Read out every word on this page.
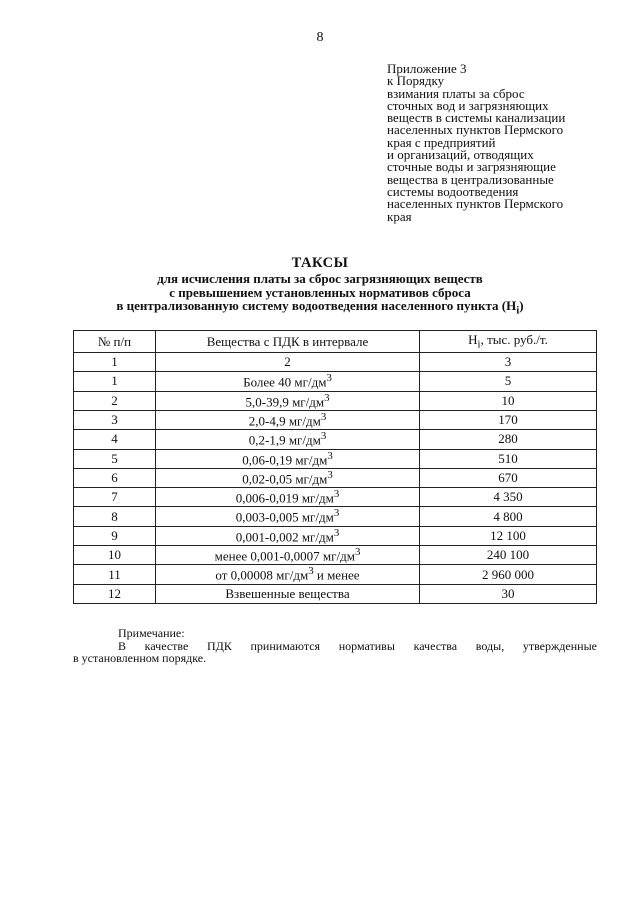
8
Приложение 3
к Порядку
взимания платы за сброс
сточных вод и загрязняющих
веществ в системы канализации
населенных пунктов Пермского
края с предприятий
и организаций, отводящих
сточные воды и загрязняющие
вещества в централизованные
системы водоотведения
населенных пунктов Пермского
края
ТАКСЫ
для исчисления платы за сброс загрязняющих веществ
с превышением установленных нормативов сброса
в централизованную систему водоотведения населенного пункта $(Н_i)$
№ п/п	Вещества с ПДК в интервале	$Н_i$, тыс. руб./т.
1	2	3
1	Более 40 $мг/дм^3$	5
2	5,0-39,9 $мг/дм^3$	10
3	2,0-4,9 $мг/дм^3$	170
4	0,2-1,9 $мг/дм^3$	280
5	0,06-0,19 $мг/дм^3$	510
6	0,02-0,05 $мг/дм^3$	670
7	0,006-0,019 $мг/дм^3$	4 350
8	0,003-0,005 $мг/дм^3$	4 800
9	0,001-0,002 $мг/дм^3$	12 100
10	менее 0,001-0,0007 $мг/дм^3$	240 100
11	от 0,00008 $мг/дм^3$ и менее	2 960 000
12	Взвешенные вещества	30
Примечание:
В качестве ПДК принимаются нормативы качества воды, утвержденные
в установленном порядке.
